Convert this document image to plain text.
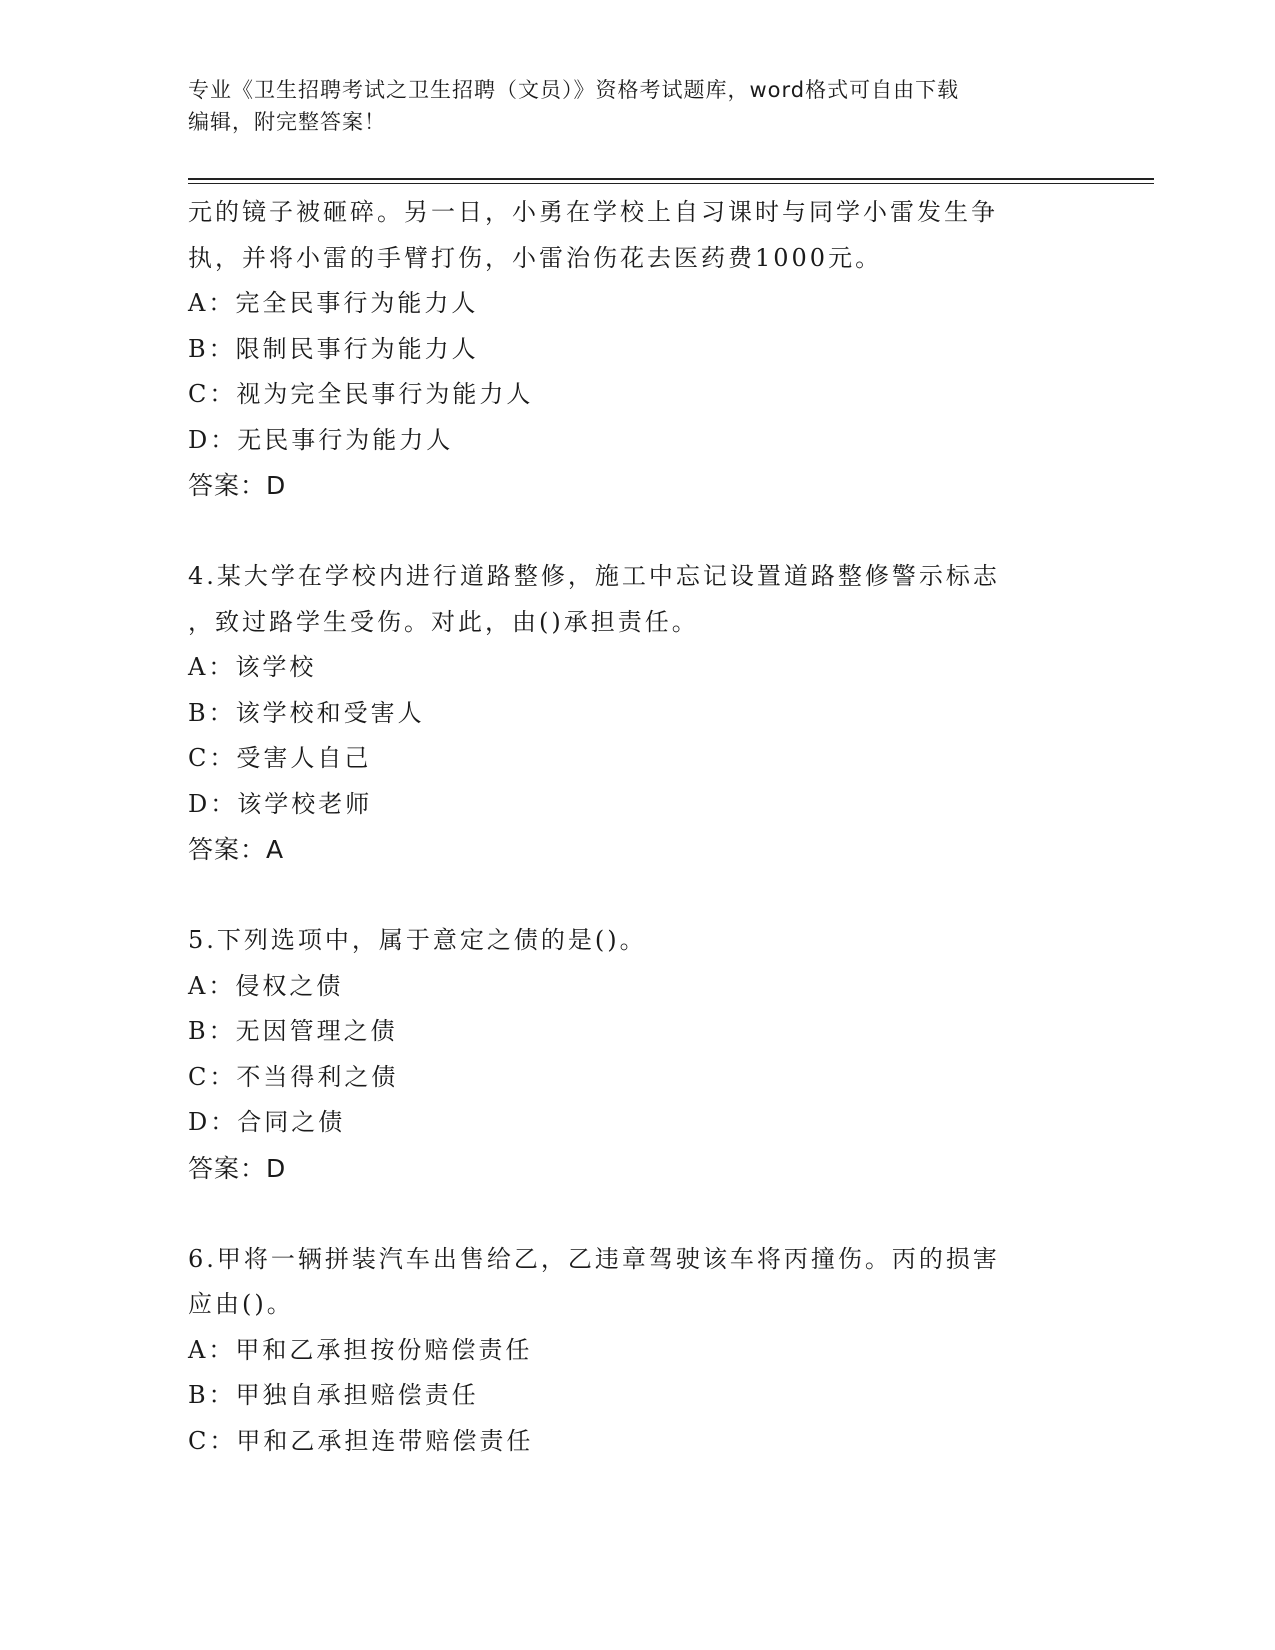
专业《卫生招聘考试之卫生招聘（文员）》资格考试题库，word格式可自由下载
编辑，附完整答案！
元的镜子被砸碎。另一日，小勇在学校上自习课时与同学小雷发生争
执，并将小雷的手臂打伤，小雷治伤花去医药费1000元。
A：完全民事行为能力人
B：限制民事行为能力人
C：视为完全民事行为能力人
D：无民事行为能力人
答案：D
4.某大学在学校内进行道路整修，施工中忘记设置道路整修警示标志
，致过路学生受伤。对此，由()承担责任。
A：该学校
B：该学校和受害人
C：受害人自己
D：该学校老师
答案：A
5.下列选项中，属于意定之债的是()。
A：侵权之债
B：无因管理之债
C：不当得利之债
D：合同之债
答案：D
6.甲将一辆拼装汽车出售给乙，乙违章驾驶该车将丙撞伤。丙的损害
应由()。
A：甲和乙承担按份赔偿责任
B：甲独自承担赔偿责任
C：甲和乙承担连带赔偿责任
